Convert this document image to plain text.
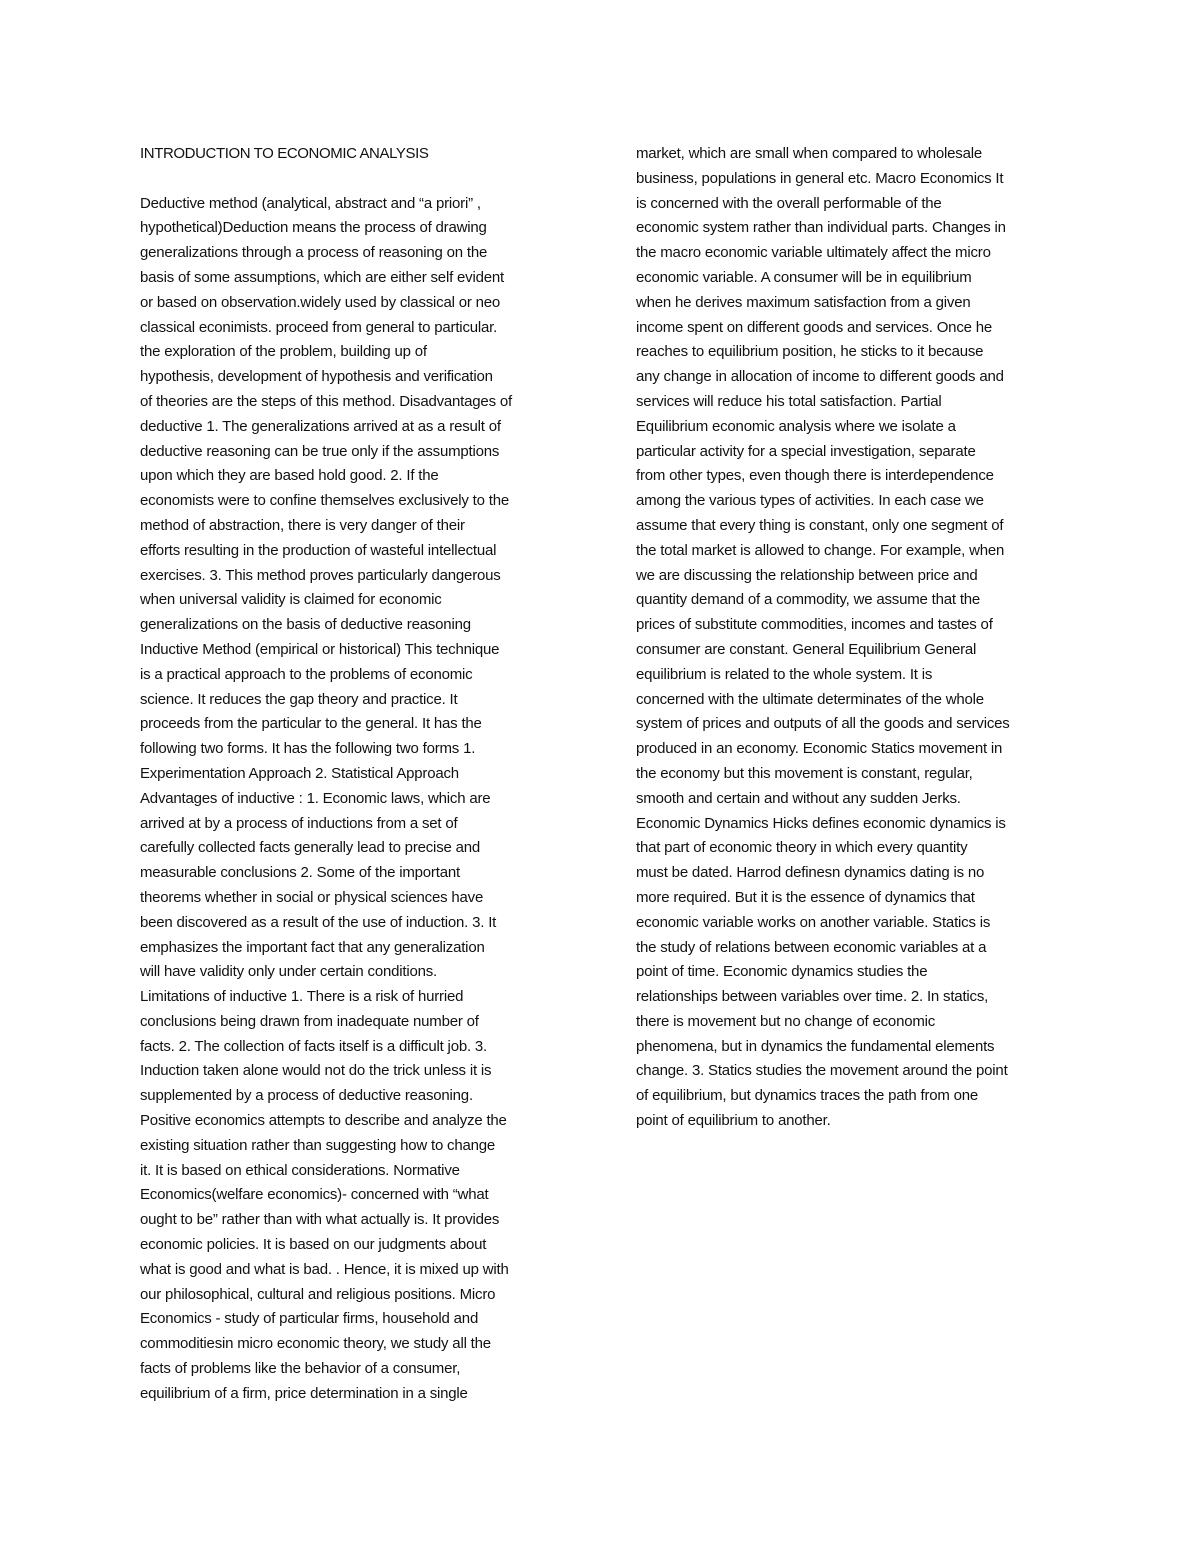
INTRODUCTION TO ECONOMIC ANALYSIS
Deductive method (analytical, abstract and “a priori” ,
hypothetical)Deduction means the process of drawing
generalizations through a process of reasoning on the
basis of some assumptions, which are either self evident
or based on observation.widely used by classical or neo
classical econimists. proceed from general to particular.
the exploration of the problem, building up of
hypothesis, development of hypothesis and verification
of theories are the steps of this method. Disadvantages of
deductive 1. The generalizations arrived at as a result of
deductive reasoning can be true only if the assumptions
upon which they are based hold good. 2. If the
economists were to confine themselves exclusively to the
method of abstraction, there is very danger of their
efforts resulting in the production of wasteful intellectual
exercises. 3. This method proves particularly dangerous
when universal validity is claimed for economic
generalizations on the basis of deductive reasoning
Inductive Method (empirical or historical) This technique
is a practical approach to the problems of economic
science. It reduces the gap theory and practice. It
proceeds from the particular to the general. It has the
following two forms. It has the following two forms 1.
Experimentation Approach 2. Statistical Approach
Advantages of inductive : 1. Economic laws, which are
arrived at by a process of inductions from a set of
carefully collected facts generally lead to precise and
measurable conclusions 2. Some of the important
theorems whether in social or physical sciences have
been discovered as a result of the use of induction. 3. It
emphasizes the important fact that any generalization
will have validity only under certain conditions.
Limitations of inductive 1. There is a risk of hurried
conclusions being drawn from inadequate number of
facts. 2. The collection of facts itself is a difficult job. 3.
Induction taken alone would not do the trick unless it is
supplemented by a process of deductive reasoning.
Positive economics attempts to describe and analyze the
existing situation rather than suggesting how to change
it. It is based on ethical considerations. Normative
Economics(welfare economics)- concerned with “what
ought to be” rather than with what actually is. It provides
economic policies. It is based on our judgments about
what is good and what is bad. . Hence, it is mixed up with
our philosophical, cultural and religious positions. Micro
Economics - study of particular firms, household and
commoditiesin micro economic theory, we study all the
facts of problems like the behavior of a consumer,
equilibrium of a firm, price determination in a single
market, which are small when compared to wholesale
business, populations in general etc. Macro Economics It
is concerned with the overall performable of the
economic system rather than individual parts. Changes in
the macro economic variable ultimately affect the micro
economic variable. A consumer will be in equilibrium
when he derives maximum satisfaction from a given
income spent on different goods and services. Once he
reaches to equilibrium position, he sticks to it because
any change in allocation of income to different goods and
services will reduce his total satisfaction. Partial
Equilibrium economic analysis where we isolate a
particular activity for a special investigation, separate
from other types, even though there is interdependence
among the various types of activities. In each case we
assume that every thing is constant, only one segment of
the total market is allowed to change. For example, when
we are discussing the relationship between price and
quantity demand of a commodity, we assume that the
prices of substitute commodities, incomes and tastes of
consumer are constant. General Equilibrium General
equilibrium is related to the whole system. It is
concerned with the ultimate determinates of the whole
system of prices and outputs of all the goods and services
produced in an economy. Economic Statics movement in
the economy but this movement is constant, regular,
smooth and certain and without any sudden Jerks.
Economic Dynamics Hicks defines economic dynamics is
that part of economic theory in which every quantity
must be dated. Harrod definesn dynamics dating is no
more required. But it is the essence of dynamics that
economic variable works on another variable. Statics is
the study of relations between economic variables at a
point of time. Economic dynamics studies the
relationships between variables over time. 2. In statics,
there is movement but no change of economic
phenomena, but in dynamics the fundamental elements
change. 3. Statics studies the movement around the point
of equilibrium, but dynamics traces the path from one
point of equilibrium to another.
